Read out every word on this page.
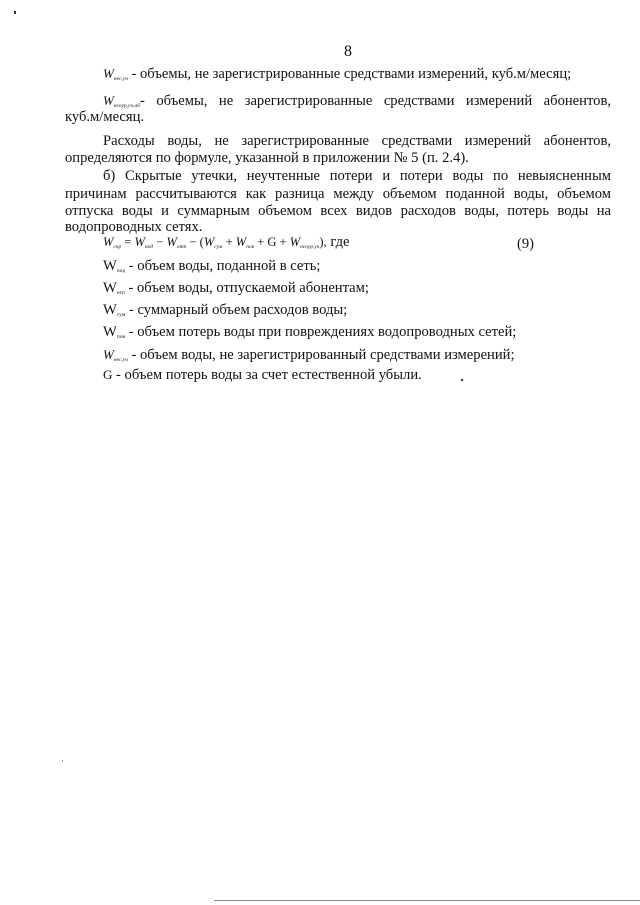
8
$W_{нес.уч}$ - объемы, не зарегистрированные средствами измерений, куб.м/месяц;
$W_{нсоур.уч.аб}-$ объемы, не зарегистрированные средствами измерений абонентов,
куб.м/месяц.
Расходы воды, не зарегистрированные средствами измерений абонентов,
определяются по формуле, указанной в приложении № 5 (п. 2.4).
б) Скрытые утечки, неучтенные потери и потери воды по невыясненным
причинам рассчитываются как разница между объемом поданной воды, объемом
отпуска воды и суммарным объемом всех видов расходов воды, потерь воды на
водопроводных сетях.
$W_{скр} = W_{под} - W_{отп} - (W_{сум} + W_{пов} + G + W_{нсоур.уч})$, где	(9)
Wпод - объем воды, поданной в сеть;
Wотп - объем воды, отпускаемой абонентам;
Wсум - суммарный объем расходов воды;
Wпов - объем потерь воды при повреждениях водопроводных сетей;
$W_{нес.уч}$ - объем воды, не зарегистрированный средствами измерений;
G - объем потерь воды за счет естественной убыли.
